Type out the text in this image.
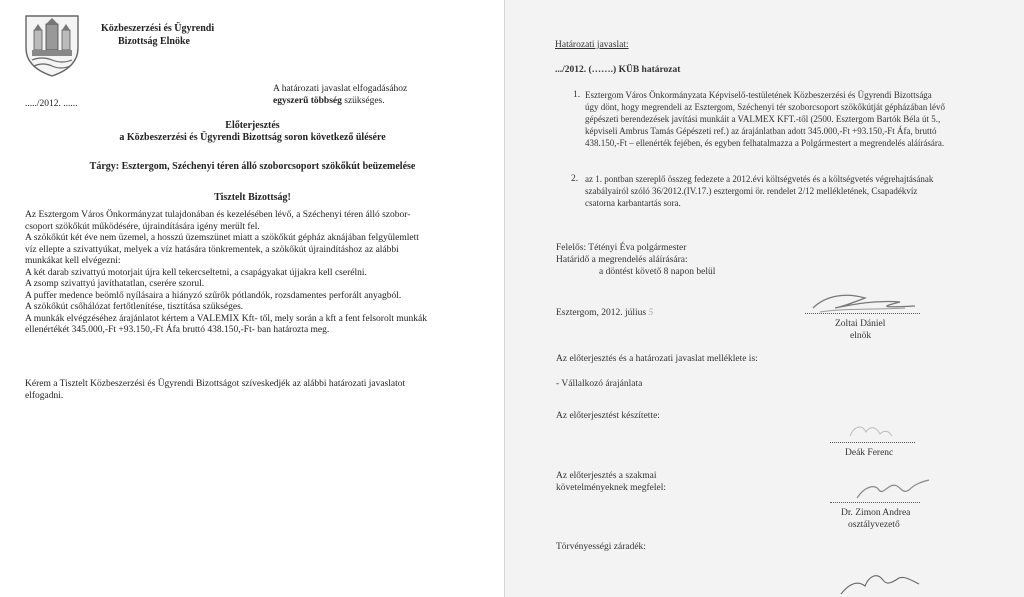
Közbeszerzési és Ügyrendi
Bizottság Elnöke
A határozati javaslat elfogadásához
egyszerű többség szükséges.
...../2012. ......
Előterjesztés
a Közbeszerzési és Ügyrendi Bizottság soron következő ülésére
Tárgy: Esztergom, Széchenyi téren álló szoborcsoport szökőkút beüzemelése
Tisztelt Bizottság!
Az Esztergom Város Önkormányzat tulajdonában és kezelésében lévő, a Széchenyi téren álló szobor-
csoport szökőkút működésére, újraindítására igény merült fel.
A szökőkút két éve nem üzemel, a hosszú üzemszünet miatt a szökőkút gépház aknájában felgyülemlett
víz ellepte a szivattyúkat, melyek a víz hatására tönkrementek, a szökőkút újraindításhoz az alábbi
munkákat kell elvégezni:
A két darab szivattyú motorjait újra kell tekercseltetni, a csapágyakat újjakra kell cserélni.
A zsomp szivattyú javíthatatlan, cserére szorul.
A puffer medence beömlő nyílásaira a hiányzó szűrők pótlandók, rozsdamentes perforált anyagból.
A szökőkút csőhálózat fertőtlenítése, tisztítása szükséges.
A munkák elvégzéséhez árajánlatot kértem a VALEMIX Kft- től, mely során a kft a fent felsorolt munkák
ellenértékét 345.000,-Ft +93.150,-Ft Áfa bruttó 438.150,-Ft- ban határozta meg.
Kérem a Tisztelt Közbeszerzési és Ügyrendi Bizottságot szíveskedjék az alábbi határozati javaslatot
elfogadni.
Határozati javaslat:
.../2012. (…….) KÜB határozat
1. Esztergom Város Önkormányzata Képviselő-testületének Közbeszerzési és Ügyrendi Bizottsága
úgy dönt, hogy megrendeli az Esztergom, Széchenyi tér szoborcsoport szökőkútját gépházában lévő
gépészeti berendezések javítási munkáit a VALMEX KFT.-től (2500. Esztergom Bartók Béla út 5.,
képviseli Ambrus Tamás Gépészeti ref.) az árajánlatban adott 345.000,-Ft +93.150,-Ft Áfa, bruttó
438.150,-Ft – ellenérték fejében, és egyben felhatalmazza a Polgármestert a megrendelés aláírására.
2. az 1. pontban szereplő összeg fedezete a 2012.évi költségvetés és a költségvetés végrehajtásának
szabályairól szóló 36/2012.(IV.17.) esztergomi ör. rendelet 2/12 mellékletének, Csapadékvíz
csatorna karbantartás sora.
Felelős: Tétényi Éva polgármester
Határidő a megrendelés aláírására:
a döntést követő 8 napon belül
Esztergom, 2012. július 5
Zoltai Dániel
elnök
Az előterjesztés és a határozati javaslat melléklete is:
- Vállalkozó árajánlata
Az előterjesztést készítette:
Deák Ferenc
Az előterjesztés a szakmai
követelményeknek megfelel:
Dr. Zimon Andrea
osztályvezető
Törvényességi záradék:
